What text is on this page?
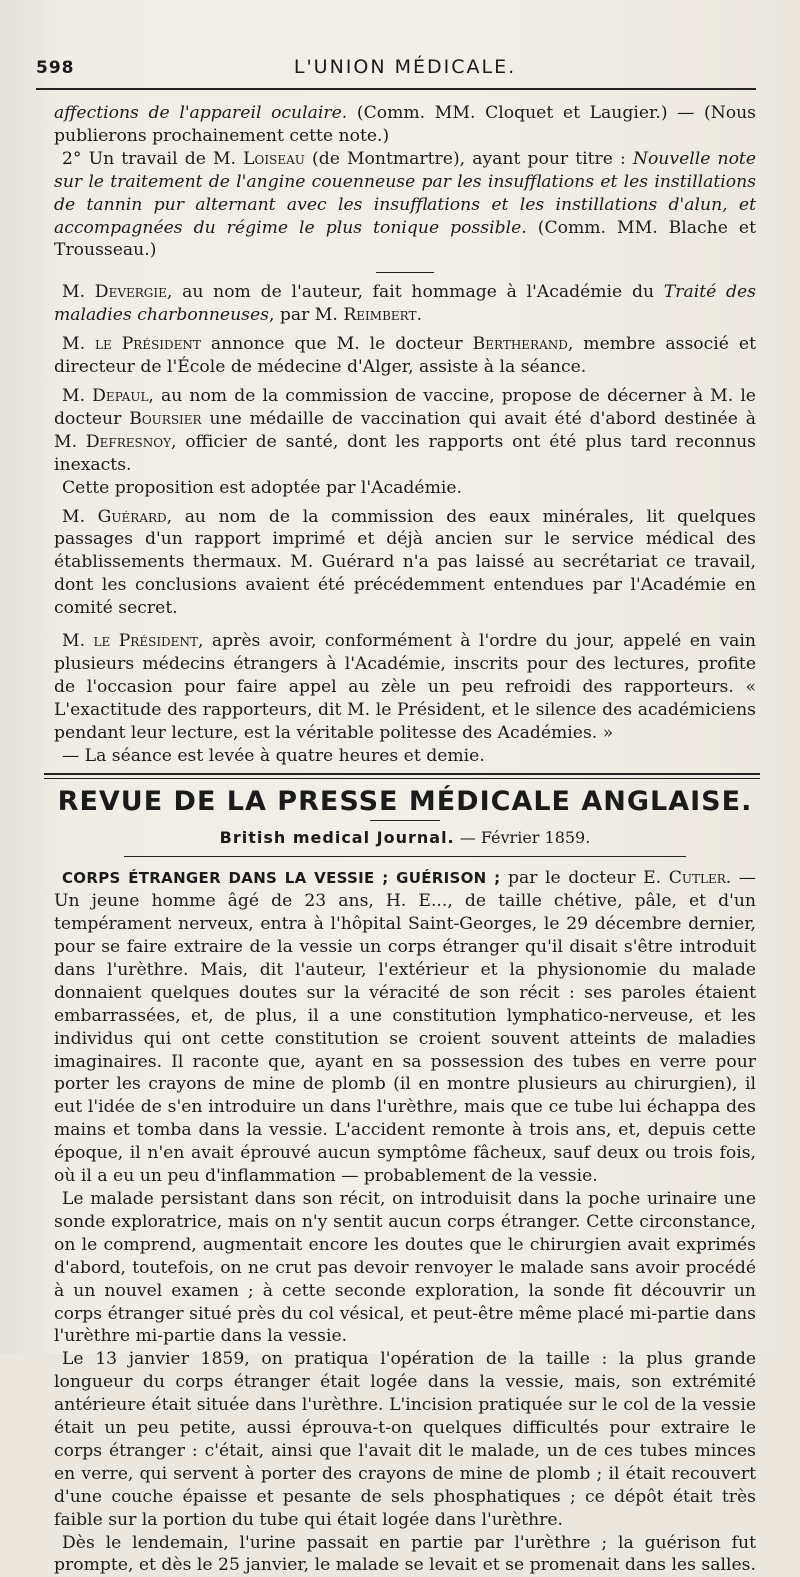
598	L'UNION MÉDICALE.

affections de l'appareil oculaire. (Comm. MM. Cloquet et Laugier.) — (Nous publierons prochainement cette note.)

2° Un travail de M. Loiseau (de Montmartre), ayant pour titre : Nouvelle note sur le traitement de l'angine couenneuse par les insufflations et les instillations de tannin pur alternant avec les insufflations et les instillations d'alun, et accompagnées du régime le plus tonique possible. (Comm. MM. Blache et Trousseau.)

M. Devergie, au nom de l'auteur, fait hommage à l'Académie du Traité des maladies charbonneuses, par M. Reimbert.

M. le Président annonce que M. le docteur Bertherand, membre associé et directeur de l'École de médecine d'Alger, assiste à la séance.

M. Depaul, au nom de la commission de vaccine, propose de décerner à M. le docteur Boursier une médaille de vaccination qui avait été d'abord destinée à M. Defresnoy, officier de santé, dont les rapports ont été plus tard reconnus inexacts.

Cette proposition est adoptée par l'Académie.

M. Guérard, au nom de la commission des eaux minérales, lit quelques passages d'un rapport imprimé et déjà ancien sur le service médical des établissements thermaux. M. Guérard n'a pas laissé au secrétariat ce travail, dont les conclusions avaient été précédemment entendues par l'Académie en comité secret.

M. le Président, après avoir, conformément à l'ordre du jour, appelé en vain plusieurs médecins étrangers à l'Académie, inscrits pour des lectures, profite de l'occasion pour faire appel au zèle un peu refroidi des rapporteurs. « L'exactitude des rapporteurs, dit M. le Président, et le silence des académiciens pendant leur lecture, est la véritable politesse des Académies. »

— La séance est levée à quatre heures et demie.

REVUE DE LA PRESSE MÉDICALE ANGLAISE.
British medical Journal. — Février 1859.

CORPS ÉTRANGER DANS LA VESSIE ; GUÉRISON ; par le docteur E. Cutler. — Un jeune homme âgé de 23 ans, H. E..., de taille chétive, pâle, et d'un tempérament nerveux, entra à l'hôpital Saint-Georges, le 29 décembre dernier, pour se faire extraire de la vessie un corps étranger qu'il disait s'être introduit dans l'urèthre. Mais, dit l'auteur, l'extérieur et la physionomie du malade donnaient quelques doutes sur la véracité de son récit : ses paroles étaient embarrassées, et, de plus, il a une constitution lymphatico-nerveuse, et les individus qui ont cette constitution se croient souvent atteints de maladies imaginaires. Il raconte que, ayant en sa possession des tubes en verre pour porter les crayons de mine de plomb (il en montre plusieurs au chirurgien), il eut l'idée de s'en introduire un dans l'urèthre, mais que ce tube lui échappa des mains et tomba dans la vessie. L'accident remonte à trois ans, et, depuis cette époque, il n'en avait éprouvé aucun symptôme fâcheux, sauf deux ou trois fois, où il a eu un peu d'inflammation — probablement de la vessie.

Le malade persistant dans son récit, on introduisit dans la poche urinaire une sonde exploratrice, mais on n'y sentit aucun corps étranger. Cette circonstance, on le comprend, augmentait encore les doutes que le chirurgien avait exprimés d'abord, toutefois, on ne crut pas devoir renvoyer le malade sans avoir procédé à un nouvel examen ; à cette seconde exploration, la sonde fit découvrir un corps étranger situé près du col vésical, et peut-être même placé mi-partie dans l'urèthre mi-partie dans la vessie.

Le 13 janvier 1859, on pratiqua l'opération de la taille : la plus grande longueur du corps étranger était logée dans la vessie, mais, son extrémité antérieure était située dans l'urèthre. L'incision pratiquée sur le col de la vessie était un peu petite, aussi éprouva-t-on quelques difficultés pour extraire le corps étranger : c'était, ainsi que l'avait dit le malade, un de ces tubes minces en verre, qui servent à porter des crayons de mine de plomb ; il était recouvert d'une couche épaisse et pesante de sels phosphatiques ; ce dépôt était très faible sur la portion du tube qui était logée dans l'urèthre.

Dès le lendemain, l'urine passait en partie par l'urèthre ; la guérison fut prompte, et dès le 25 janvier, le malade se levait et se promenait dans les salles.
